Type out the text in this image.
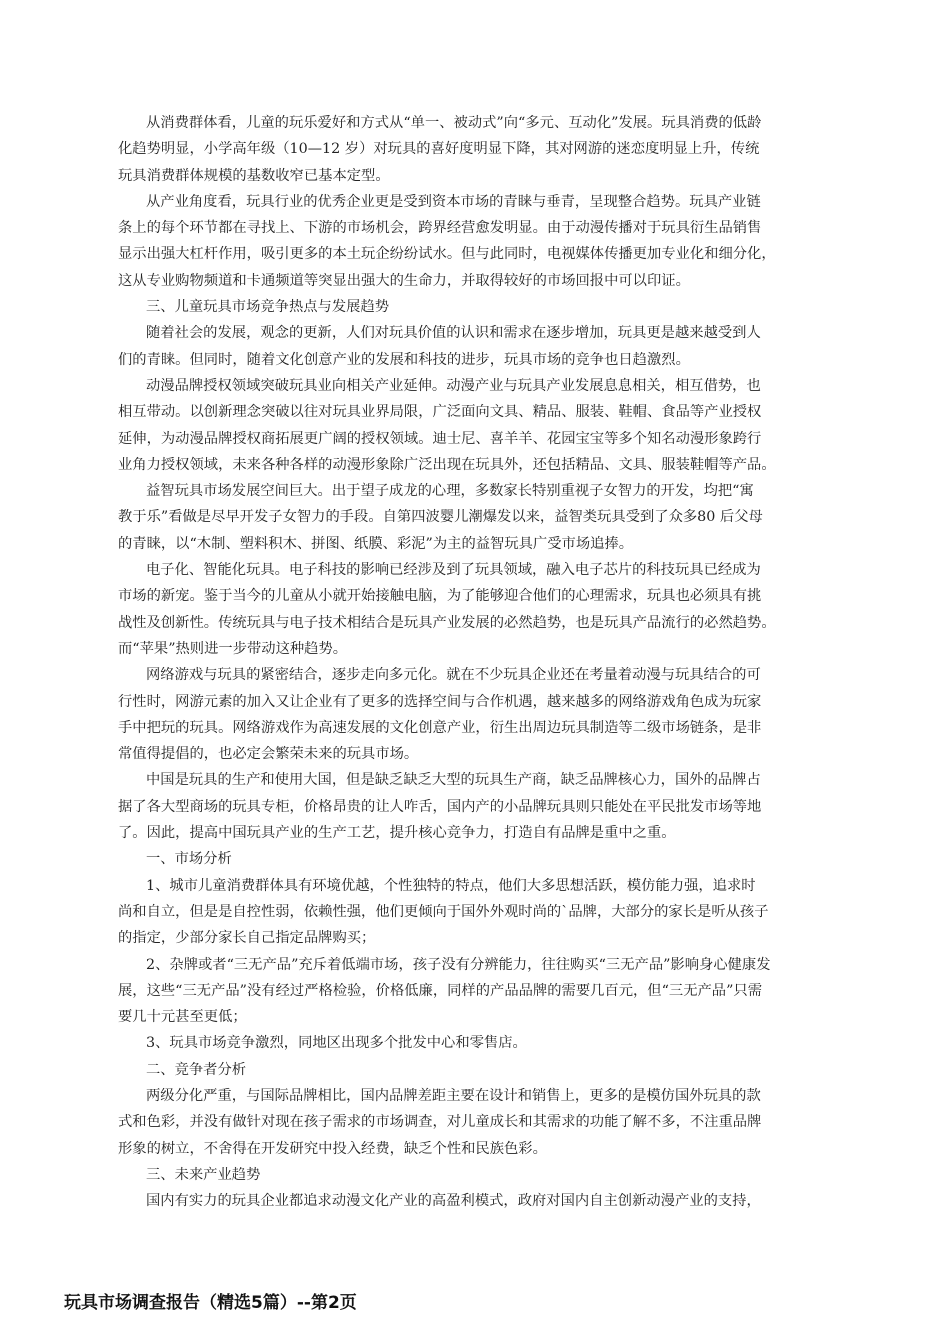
从消费群体看，儿童的玩乐爱好和方式从“单一、被动式”向“多元、互动化”发展。玩具消费的低龄
化趋势明显，小学高年级（10—12 岁）对玩具的喜好度明显下降，其对网游的迷恋度明显上升，传统
玩具消费群体规模的基数收窄已基本定型。
从产业角度看，玩具行业的优秀企业更是受到资本市场的青睐与垂青，呈现整合趋势。玩具产业链
条上的每个环节都在寻找上、下游的市场机会，跨界经营愈发明显。由于动漫传播对于玩具衍生品销售
显示出强大杠杆作用，吸引更多的本土玩企纷纷试水。但与此同时，电视媒体传播更加专业化和细分化，
这从专业购物频道和卡通频道等突显出强大的生命力，并取得较好的市场回报中可以印证。
三、儿童玩具市场竞争热点与发展趋势
随着社会的发展，观念的更新，人们对玩具价值的认识和需求在逐步增加，玩具更是越来越受到人
们的青睐。但同时，随着文化创意产业的发展和科技的进步，玩具市场的竞争也日趋激烈。
动漫品牌授权领域突破玩具业向相关产业延伸。动漫产业与玩具产业发展息息相关，相互借势，也
相互带动。以创新理念突破以往对玩具业界局限，广泛面向文具、精品、服装、鞋帽、食品等产业授权
延伸，为动漫品牌授权商拓展更广阔的授权领域。迪士尼、喜羊羊、花园宝宝等多个知名动漫形象跨行
业角力授权领域，未来各种各样的动漫形象除广泛出现在玩具外，还包括精品、文具、服装鞋帽等产品。
益智玩具市场发展空间巨大。出于望子成龙的心理，多数家长特别重视子女智力的开发，均把“寓
教于乐”看做是尽早开发子女智力的手段。自第四波婴儿潮爆发以来，益智类玩具受到了众多80 后父母
的青睐，以“木制、塑料积木、拼图、纸膜、彩泥”为主的益智玩具广受市场追捧。
电子化、智能化玩具。电子科技的影响已经涉及到了玩具领域，融入电子芯片的科技玩具已经成为
市场的新宠。鉴于当今的儿童从小就开始接触电脑，为了能够迎合他们的心理需求，玩具也必须具有挑
战性及创新性。传统玩具与电子技术相结合是玩具产业发展的必然趋势，也是玩具产品流行的必然趋势。
而“苹果”热则进一步带动这种趋势。
网络游戏与玩具的紧密结合，逐步走向多元化。就在不少玩具企业还在考量着动漫与玩具结合的可
行性时，网游元素的加入又让企业有了更多的选择空间与合作机遇，越来越多的网络游戏角色成为玩家
手中把玩的玩具。网络游戏作为高速发展的文化创意产业，衍生出周边玩具制造等二级市场链条，是非
常值得提倡的，也必定会繁荣未来的玩具市场。
中国是玩具的生产和使用大国，但是缺乏缺乏大型的玩具生产商，缺乏品牌核心力，国外的品牌占
据了各大型商场的玩具专柜，价格昂贵的让人咋舌，国内产的小品牌玩具则只能处在平民批发市场等地
了。因此，提高中国玩具产业的生产工艺，提升核心竞争力，打造自有品牌是重中之重。
一、市场分析
1、城市儿童消费群体具有环境优越，个性独特的特点，他们大多思想活跃，模仿能力强，追求时
尚和自立，但是是自控性弱，依赖性强，他们更倾向于国外外观时尚的`品牌，大部分的家长是听从孩子
的指定，少部分家长自己指定品牌购买；
2、杂牌或者“三无产品”充斥着低端市场，孩子没有分辨能力，往往购买“三无产品”影响身心健康发
展，这些“三无产品”没有经过严格检验，价格低廉，同样的产品品牌的需要几百元，但“三无产品”只需
要几十元甚至更低；
3、玩具市场竞争激烈，同地区出现多个批发中心和零售店。
二、竞争者分析
两级分化严重，与国际品牌相比，国内品牌差距主要在设计和销售上，更多的是模仿国外玩具的款
式和色彩，并没有做针对现在孩子需求的市场调查，对儿童成长和其需求的功能了解不多，不注重品牌
形象的树立，不舍得在开发研究中投入经费，缺乏个性和民族色彩。
三、未来产业趋势
国内有实力的玩具企业都追求动漫文化产业的高盈利模式，政府对国内自主创新动漫产业的支持，
玩具市场调查报告（精选5篇）--第2页
